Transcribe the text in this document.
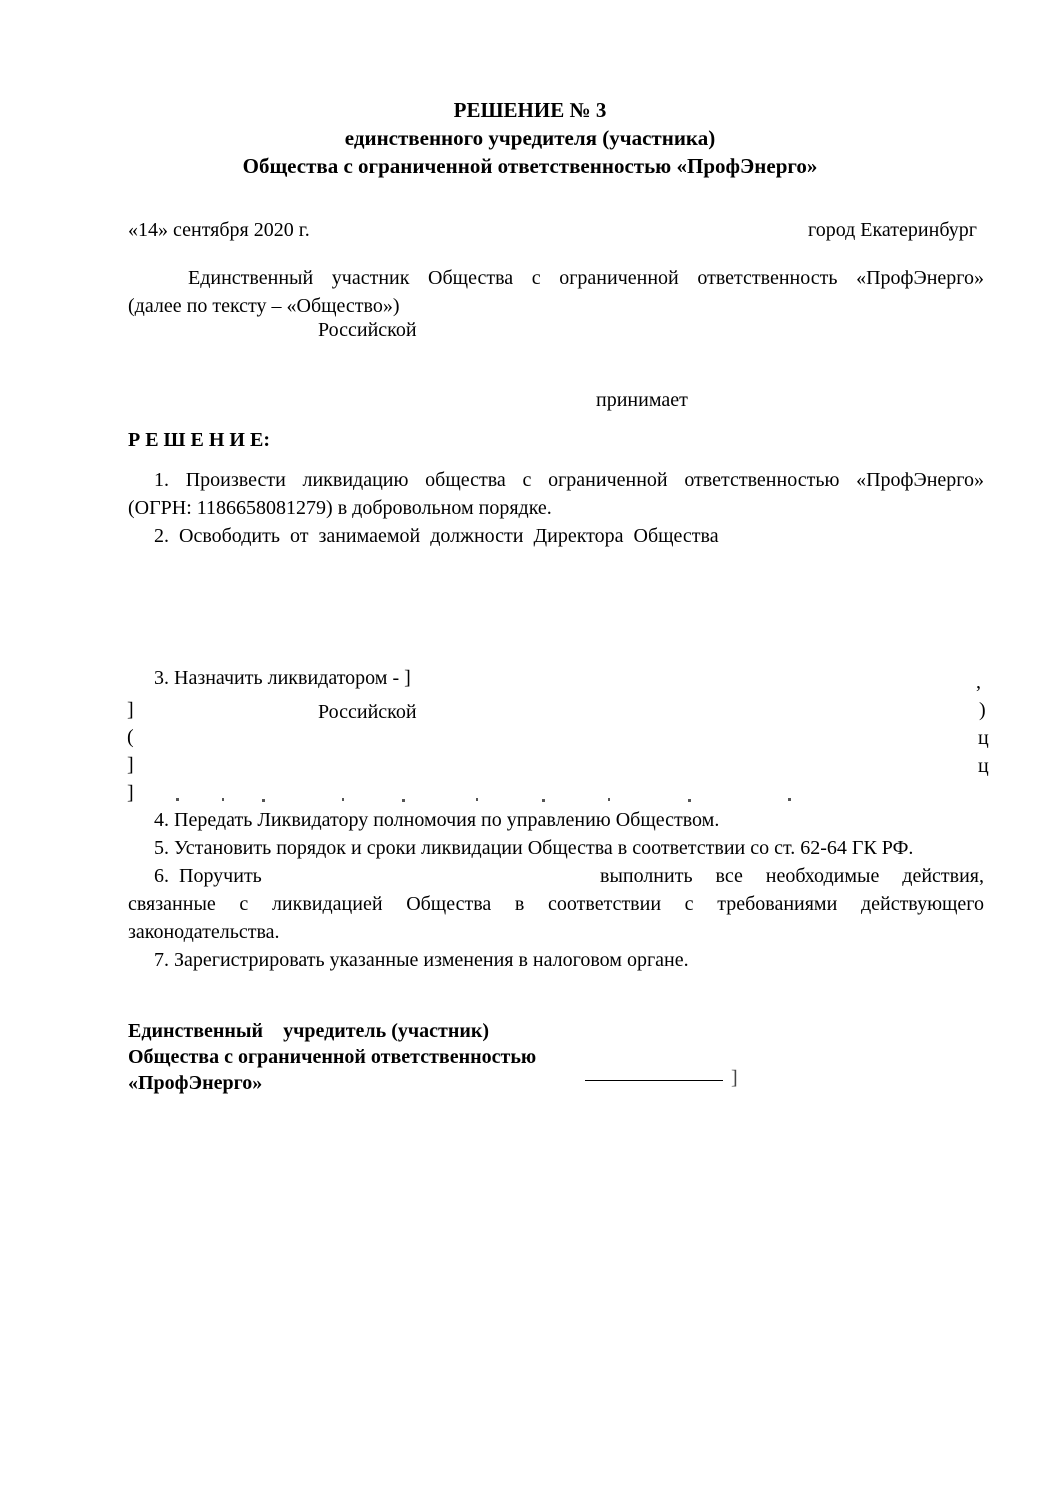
РЕШЕНИЕ № 3
единственного учредителя (участника)
Общества с ограниченной ответственностью «ПрофЭнерго»
«14» сентября 2020 г.	город Екатеринбург
Единственный участник Общества с ограниченной ответственность «ПрофЭнерго»
(далее по тексту – «Общество»)
Российской
принимает
Р Е Ш Е Н И Е:
1. Произвести ликвидацию общества с ограниченной ответственностью «ПрофЭнерго»
(ОГРН: 1186658081279) в добровольном порядке.
2.  Освободить  от  занимаемой  должности  Директора  Общества
3. Назначить ликвидатором - ]	,
Российской
]	)
(	ц
]	ц
]
4. Передать Ликвидатору полномочия по управлению Обществом.
5. Установить порядок и сроки ликвидации Общества в соответствии со ст. 62-64 ГК РФ.
6.  Поручить	выполнить все необходимые действия,
связанные с ликвидацией Общества в соответствии с требованиями действующего
законодательства.
7. Зарегистрировать указанные изменения в налоговом органе.
Единственный    учредитель (участник)
Общества с ограниченной ответственностью
«ПрофЭнерго»	]
